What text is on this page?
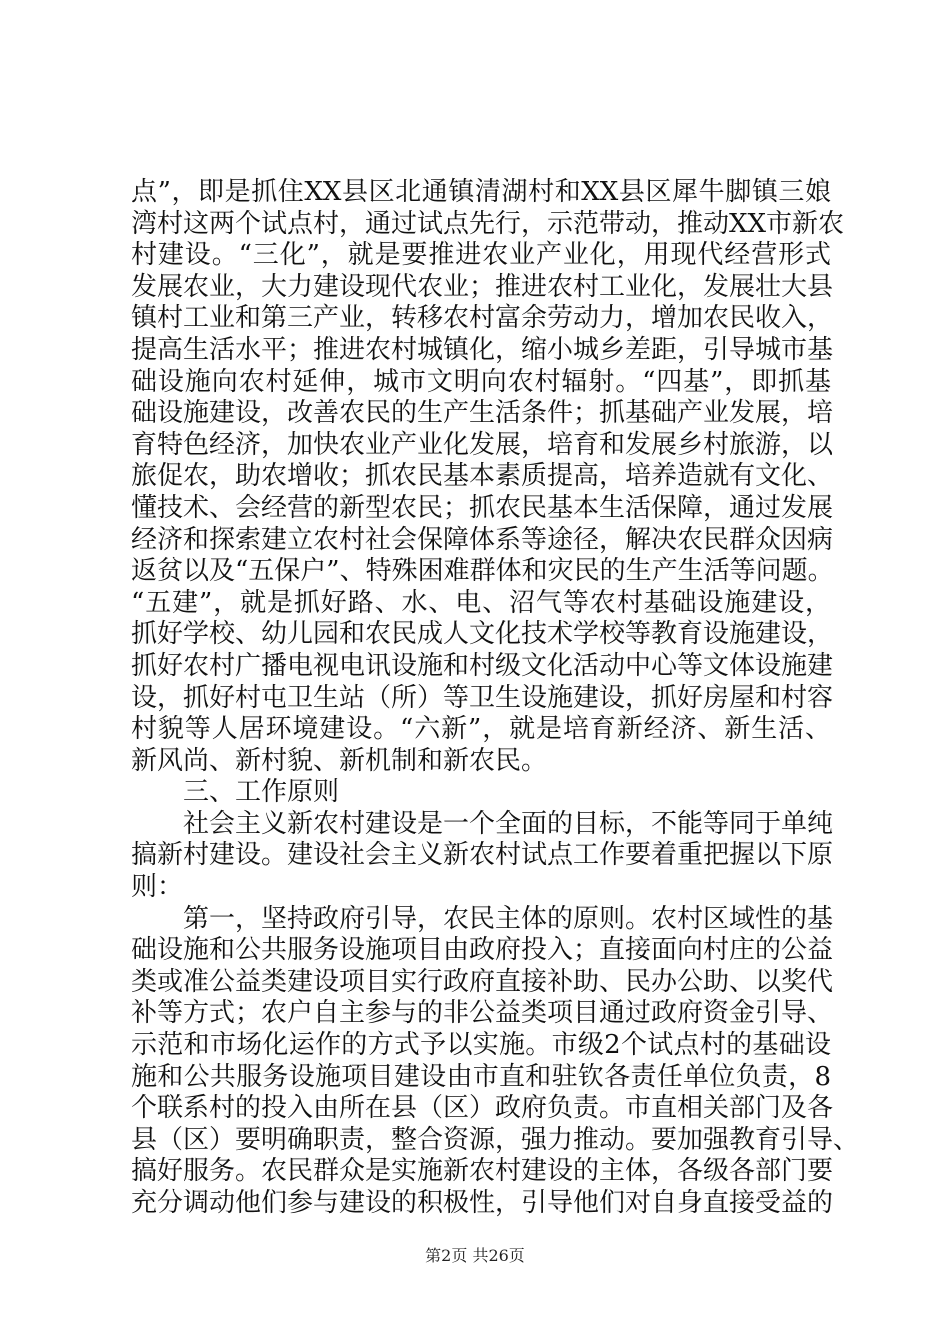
点”，即是抓住XX县区北通镇清湖村和XX县区犀牛脚镇三娘
湾村这两个试点村，通过试点先行，示范带动，推动XX市新农
村建设。“三化”，就是要推进农业产业化，用现代经营形式
发展农业，大力建设现代农业；推进农村工业化，发展壮大县
镇村工业和第三产业，转移农村富余劳动力，增加农民收入，
提高生活水平；推进农村城镇化，缩小城乡差距，引导城市基
础设施向农村延伸，城市文明向农村辐射。“四基”，即抓基
础设施建设，改善农民的生产生活条件；抓基础产业发展，培
育特色经济，加快农业产业化发展，培育和发展乡村旅游，以
旅促农，助农增收；抓农民基本素质提高，培养造就有文化、
懂技术、会经营的新型农民；抓农民基本生活保障，通过发展
经济和探索建立农村社会保障体系等途径，解决农民群众因病
返贫以及“五保户”、特殊困难群体和灾民的生产生活等问题。
“五建”，就是抓好路、水、电、沼气等农村基础设施建设，
抓好学校、幼儿园和农民成人文化技术学校等教育设施建设，
抓好农村广播电视电讯设施和村级文化活动中心等文体设施建
设，抓好村屯卫生站（所）等卫生设施建设，抓好房屋和村容
村貌等人居环境建设。“六新”，就是培育新经济、新生活、
新风尚、新村貌、新机制和新农民。
三、工作原则
社会主义新农村建设是一个全面的目标，不能等同于单纯
搞新村建设。建设社会主义新农村试点工作要着重把握以下原
则：
第一，坚持政府引导，农民主体的原则。农村区域性的基
础设施和公共服务设施项目由政府投入；直接面向村庄的公益
类或准公益类建设项目实行政府直接补助、民办公助、以奖代
补等方式；农户自主参与的非公益类项目通过政府资金引导、
示范和市场化运作的方式予以实施。市级2个试点村的基础设
施和公共服务设施项目建设由市直和驻钦各责任单位负责，8
个联系村的投入由所在县（区）政府负责。市直相关部门及各
县（区）要明确职责，整合资源，强力推动。要加强教育引导、
搞好服务。农民群众是实施新农村建设的主体，各级各部门要
充分调动他们参与建设的积极性，引导他们对自身直接受益的
第2页 共26页
